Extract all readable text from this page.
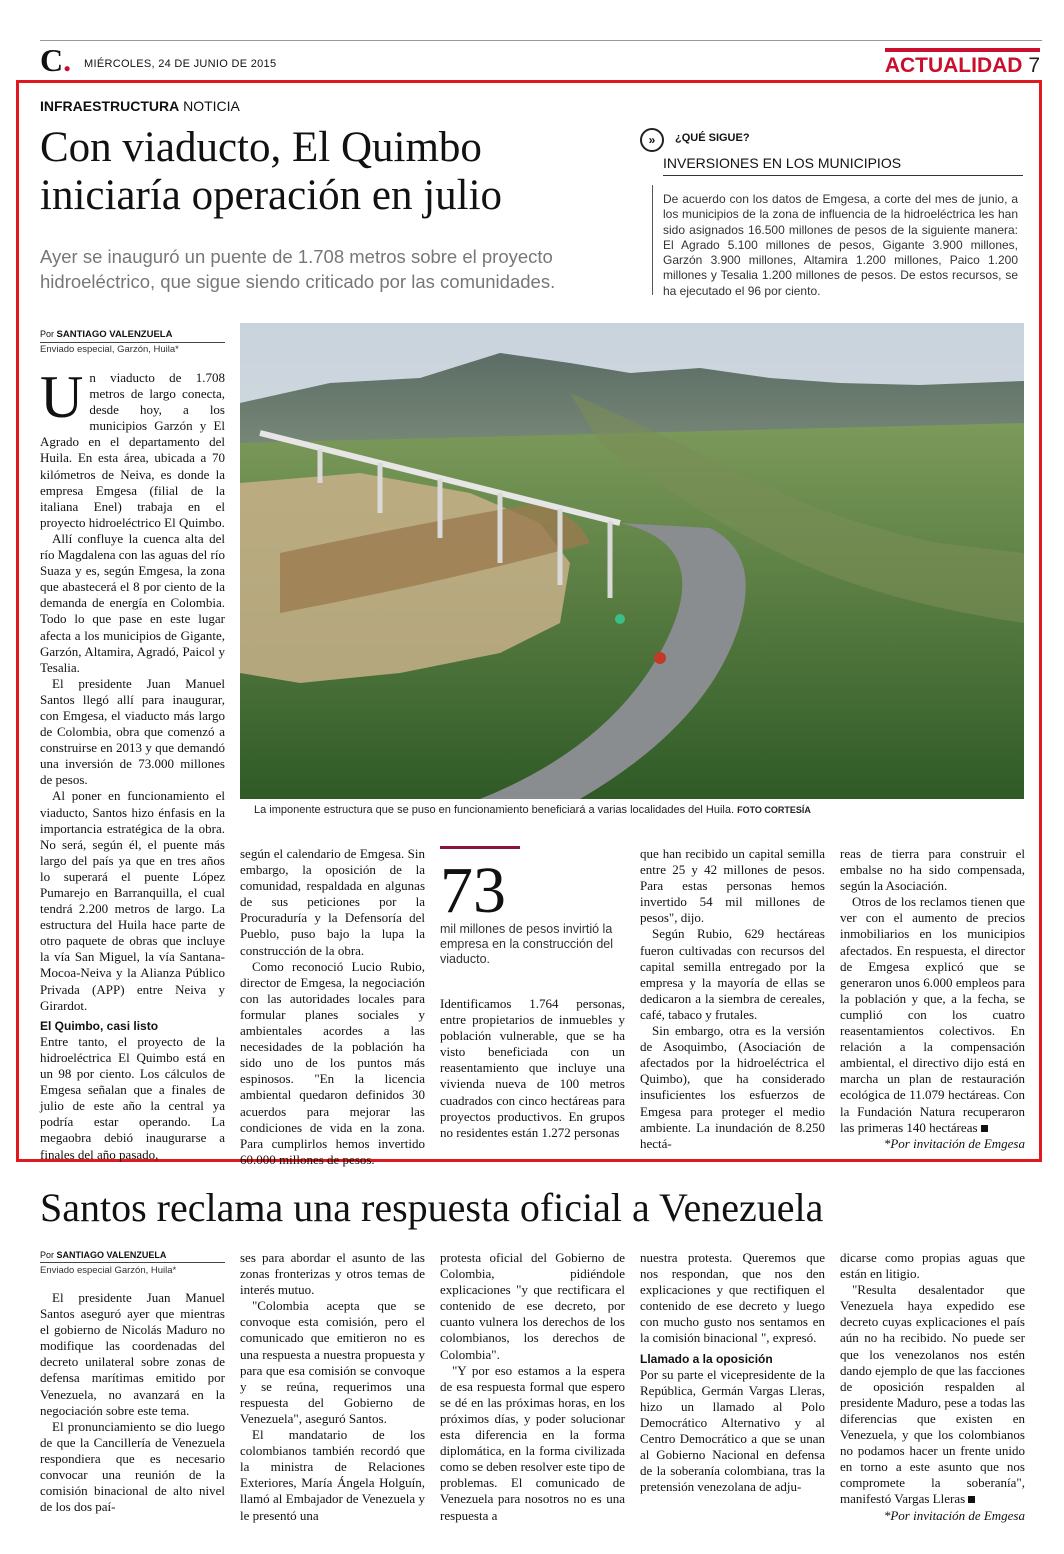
C. MIÉRCOLES, 24 DE JUNIO DE 2015	ACTUALIDAD 7
INFRAESTRUCTURA NOTICIA
Con viaducto, El Quimbo iniciaría operación en julio
Ayer se inauguró un puente de 1.708 metros sobre el proyecto hidroeléctrico, que sigue siendo criticado por las comunidades.
»	¿QUÉ SIGUE?
INVERSIONES EN LOS MUNICIPIOS
De acuerdo con los datos de Emgesa, a corte del mes de junio, a los municipios de la zona de influencia de la hidroeléctrica les han sido asignados 16.500 millones de pesos de la siguiente manera: El Agrado 5.100 millones de pesos, Gigante 3.900 millones, Garzón 3.900 millones, Altamira 1.200 millones, Paico 1.200 millones y Tesalia 1.200 millones de pesos. De estos recursos, se ha ejecutado el 96 por ciento.
Por SANTIAGO VALENZUELA
Enviado especial, Garzón, Huila*
La imponente estructura que se puso en funcionamiento beneficiará a varias localidades del Huila. FOTO CORTESÍA

Un viaducto de 1.708 metros de largo conecta, desde hoy, a los municipios Garzón y El Agrado en el departamento del Huila. En esta área, ubicada a 70 kilómetros de Neiva, es donde la empresa Emgesa (filial de la italiana Enel) trabaja en el proyecto hidroeléctrico El Quimbo.

Allí confluye la cuenca alta del río Magdalena con las aguas del río Suaza y es, según Emgesa, la zona que abastecerá el 8 por ciento de la demanda de energía en Colombia. Todo lo que pase en este lugar afecta a los municipios de Gigante, Garzón, Altamira, Agradó, Paicol y Tesalia.

El presidente Juan Manuel Santos llegó allí para inaugurar, con Emgesa, el viaducto más largo de Colombia, obra que comenzó a construirse en 2013 y que demandó una inversión de 73.000 millones de pesos.

Al poner en funcionamiento el viaducto, Santos hizo énfasis en la importancia estratégica de la obra. No será, según él, el puente más largo del país ya que en tres años lo superará el puente López Pumarejo en Barranquilla, el cual tendrá 2.200 metros de largo. La estructura del Huila hace parte de otro paquete de obras que incluye la vía San Miguel, la vía Santana-Mocoa-Neiva y la Alianza Público Privada (APP) entre Neiva y Girardot.

El Quimbo, casi listo

Entre tanto, el proyecto de la hidroeléctrica El Quimbo está en un 98 por ciento. Los cálculos de Emgesa señalan que a finales de julio de este año la central ya podría estar operando. La megaobra debió inaugurarse a finales del año pasado,

según el calendario de Emgesa. Sin embargo, la oposición de la comunidad, respaldada en algunas de sus peticiones por la Procuraduría y la Defensoría del Pueblo, puso bajo la lupa la construcción de la obra.

Como reconoció Lucio Rubio, director de Emgesa, la negociación con las autoridades locales para formular planes sociales y ambientales acordes a las necesidades de la población ha sido uno de los puntos más espinosos. "En la licencia ambiental quedaron definidos 30 acuerdos para mejorar las condiciones de vida en la zona. Para cumplirlos hemos invertido 60.000 millones de pesos.

73
mil millones de pesos invirtió la empresa en la construcción del viaducto.

Identificamos 1.764 personas, entre propietarios de inmuebles y población vulnerable, que se ha visto beneficiada con un reasentamiento que incluye una vivienda nueva de 100 metros cuadrados con cinco hectáreas para proyectos productivos. En grupos no residentes están 1.272 personas

que han recibido un capital semilla entre 25 y 42 millones de pesos. Para estas personas hemos invertido 54 mil millones de pesos", dijo.

Según Rubio, 629 hectáreas fueron cultivadas con recursos del capital semilla entregado por la empresa y la mayoría de ellas se dedicaron a la siembra de cereales, café, tabaco y frutales.

Sin embargo, otra es la versión de Asoquimbo, (Asociación de afectados por la hidroeléctrica el Quimbo), que ha considerado insuficientes los esfuerzos de Emgesa para proteger el medio ambiente. La inundación de 8.250 hectá-

reas de tierra para construir el embalse no ha sido compensada, según la Asociación.

Otros de los reclamos tienen que ver con el aumento de precios inmobiliarios en los municipios afectados. En respuesta, el director de Emgesa explicó que se generaron unos 6.000 empleos para la población y que, a la fecha, se cumplió con los cuatro reasentamientos colectivos. En relación a la compensación ambiental, el directivo dijo está en marcha un plan de restauración ecológica de 11.079 hectáreas. Con la Fundación Natura recuperaron las primeras 140 hectáreas

*Por invitación de Emgesa

Santos reclama una respuesta oficial a Venezuela
Por SANTIAGO VALENZUELA
Enviado especial Garzón, Huila*

El presidente Juan Manuel Santos aseguró ayer que mientras el gobierno de Nicolás Maduro no modifique las coordenadas del decreto unilateral sobre zonas de defensa marítimas emitido por Venezuela, no avanzará en la negociación sobre este tema.

El pronunciamiento se dio luego de que la Cancillería de Venezuela respondiera que es necesario convocar una reunión de la comisión binacional de alto nivel de los dos paí-

ses para abordar el asunto de las zonas fronterizas y otros temas de interés mutuo.

"Colombia acepta que se convoque esta comisión, pero el comunicado que emitieron no es una respuesta a nuestra propuesta y para que esa comisión se convoque y se reúna, requerimos una respuesta del Gobierno de Venezuela", aseguró Santos.

El mandatario de los colombianos también recordó que la ministra de Relaciones Exteriores, María Ángela Holguín, llamó al Embajador de Venezuela y le presentó una

protesta oficial del Gobierno de Colombia, pidiéndole explicaciones "y que rectificara el contenido de ese decreto, por cuanto vulnera los derechos de los colombianos, los derechos de Colombia".

"Y por eso estamos a la espera de esa respuesta formal que espero se dé en las próximas horas, en los próximos días, y poder solucionar esta diferencia en la forma diplomática, en la forma civilizada como se deben resolver este tipo de problemas. El comunicado de Venezuela para nosotros no es una respuesta a

nuestra protesta. Queremos que nos respondan, que nos den explicaciones y que rectifiquen el contenido de ese decreto y luego con mucho gusto nos sentamos en la comisión binacional ", expresó.

Llamado a la oposición

Por su parte el vicepresidente de la República, Germán Vargas Lleras, hizo un llamado al Polo Democrático Alternativo y al Centro Democrático a que se unan al Gobierno Nacional en defensa de la soberanía colombiana, tras la pretensión venezolana de adju-

dicarse como propias aguas que están en litigio.

"Resulta desalentador que Venezuela haya expedido ese decreto cuyas explicaciones el país aún no ha recibido. No puede ser que los venezolanos nos estén dando ejemplo de que las facciones de oposición respalden al presidente Maduro, pese a todas las diferencias que existen en Venezuela, y que los colombianos no podamos hacer un frente unido en torno a este asunto que nos compromete la soberanía", manifestó Vargas Lleras

*Por invitación de Emgesa
